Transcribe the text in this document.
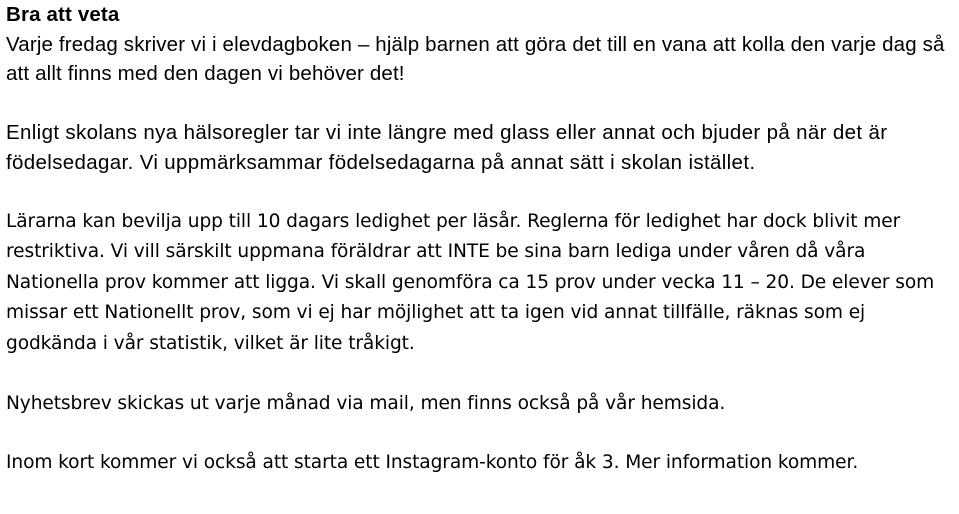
Bra att veta
Varje fredag skriver vi i elevdagboken – hjälp barnen att göra det till en vana att kolla den varje dag så att allt finns med den dagen vi behöver det!

Enligt skolans nya hälsoregler tar vi inte längre med glass eller annat och bjuder på när det är födelsedagar. Vi uppmärksammar födelsedagarna på annat sätt i skolan istället.

Lärarna kan bevilja upp till 10 dagars ledighet per läsår. Reglerna för ledighet har dock blivit mer restriktiva. Vi vill särskilt uppmana föräldrar att INTE be sina barn lediga under våren då våra Nationella prov kommer att ligga. Vi skall genomföra ca 15 prov under vecka 11 – 20. De elever som missar ett Nationellt prov, som vi ej har möjlighet att ta igen vid annat tillfälle, räknas som ej godkända i vår statistik, vilket är lite tråkigt.

Nyhetsbrev skickas ut varje månad via mail, men finns också på vår hemsida.

Inom kort kommer vi också att starta ett Instagram-konto för åk 3. Mer information kommer.
